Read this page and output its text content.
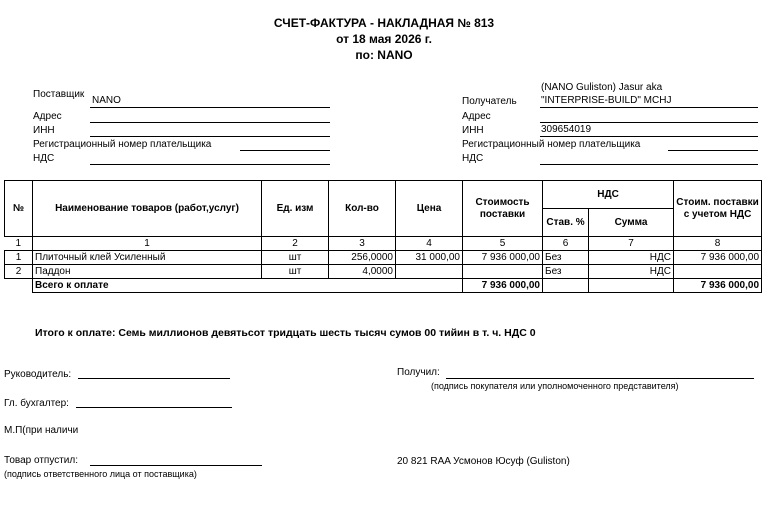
СЧЕТ-ФАКТУРА - НАКЛАДНАЯ № 813
от 18 мая 2026 г.
по: NANO
Поставщик
NANO
Адрес
ИНН
Регистрационный номер плательщика
НДС
(NANO Guliston) Jasur aka
Получатель "INTERPRISE-BUILD" MCHJ
Адрес
ИНН	309654019
Регистрационный номер плательщика
НДС
№	Наименование товаров (работ,услуг)	Ед. изм	Кол-во	Цена	Стоимость поставки	НДС		Стоим. поставки с учетом НДС
						Став. %	Сумма	
1	1	2	3	4	5	6	7	8
1	Плиточный клей Усиленный	шт	256,0000	31 000,00	7 936 000,00	Без	НДС	7 936 000,00
2	Паддон	шт	4,0000			Без	НДС	
	Всего к оплате				7 936 000,00			7 936 000,00
Итого к оплате: Семь миллионов девятьсот тридцать шесть тысяч сумов 00 тийин в т. ч. НДС 0
Руководитель:
Гл. бухгалтер:
М.П(при наличи
Товар отпустил:
(подпись ответственного лица от поставщика)
Получил:
(подпись покупателя или уполномоченного представителя)
20 821 RAA Усмонов Юсуф (Guliston)
